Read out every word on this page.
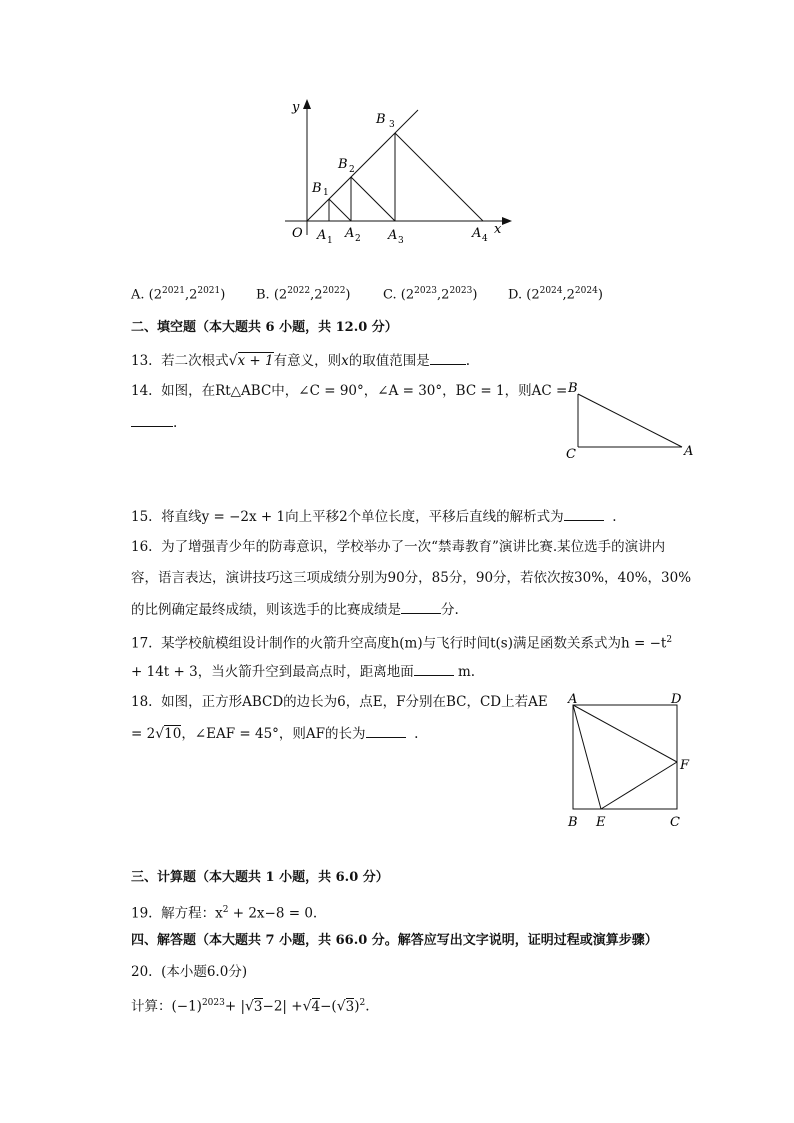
y
x
O
B 1
B 2
B 3
A 1 A 2 A 3	A 4
A. $(2^{2021},2^{2021})$ B. $(2^{2022},2^{2022})$	C. $(2^{2023},2^{2023})$ D. $(2^{2024},2^{2024})$
二、填空题（本大题共 6 小题，共 12.0 分）
13. 若二次根式√x + 1有意义，则x的取值范围是	.
14. 如图，在Rt△ABC中，∠C = 90°，∠A = 30°，BC = 1，则AC =
.
B
C	A
15. 将直线y = −2x + 1向上平移2个单位长度，平移后直线的解析式为	.
16. 为了增强青少年的防毒意识，学校举办了一次“禁毒教育”演讲比赛.某位选手的演讲内
容，语言表达，演讲技巧这三项成绩分别为90分，85分，90分，若依次按30%，40%，30%
的比例确定最终成绩，则该选手的比赛成绩是	分.
17. 某学校航模组设计制作的火箭升空高度h(m)与飞行时间t(s)满足函数关系式为$h = -t^2$
+ 14t + 3，当火箭升空到最高点时，距离地面	m.
18. 如图，正方形ABCD的边长为6，点E，F分别在BC，CD上若AE
= 2√10，∠EAF = 45°，则AF的长为	.
A	D
F
B E	C
三、计算题（本大题共 1 小题，共 6.0 分）
19. 解方程：$x^2 + 2x-8 = 0$.
四、解答题（本大题共 7 小题，共 66.0 分。解答应写出文字说明，证明过程或演算步骤）
20. (本小题6.0分)
计算：$(-1)^{2023}+ |√3-2| +√4-(√3)^2$.
